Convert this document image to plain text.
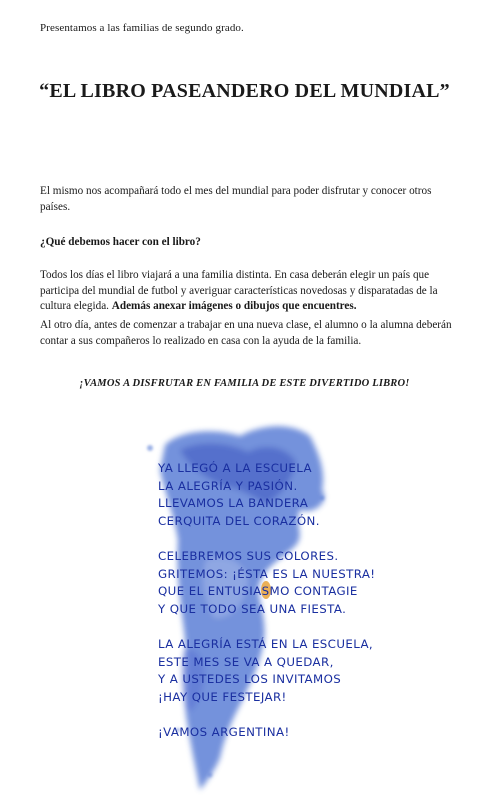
Presentamos a las familias de segundo grado.
“EL LIBRO PASEANDERO DEL MUNDIAL”
El mismo nos acompañará todo el mes del mundial para poder disfrutar y conocer otros países.
¿Qué debemos hacer con el libro?
Todos los días el libro viajará a una familia distinta. En casa deberán elegir un país que participa del mundial de futbol y averiguar características novedosas y disparatadas de la cultura elegida. Además anexar imágenes o dibujos que encuentres.
Al otro día, antes de comenzar a trabajar en una nueva clase, el alumno o la alumna deberán contar a sus compañeros lo realizado en casa con la ayuda de la familia.
¡VAMOS A DISFRUTAR EN FAMILIA DE ESTE DIVERTIDO LIBRO!
YA LLEGÓ A LA ESCUELA
LA ALEGRÍA Y PASIÓN.
LLEVAMOS LA BANDERA
CERQUITA DEL CORAZÓN.
CELEBREMOS SUS COLORES.
GRITEMOS: ¡ÉSTA ES LA NUESTRA!
QUE EL ENTUSIASMO CONTAGIE
Y QUE TODO SEA UNA FIESTA.
LA ALEGRÍA ESTÁ EN LA ESCUELA,
ESTE MES SE VA A QUEDAR,
Y A USTEDES LOS INVITAMOS
¡HAY QUE FESTEJAR!
¡VAMOS ARGENTINA!
